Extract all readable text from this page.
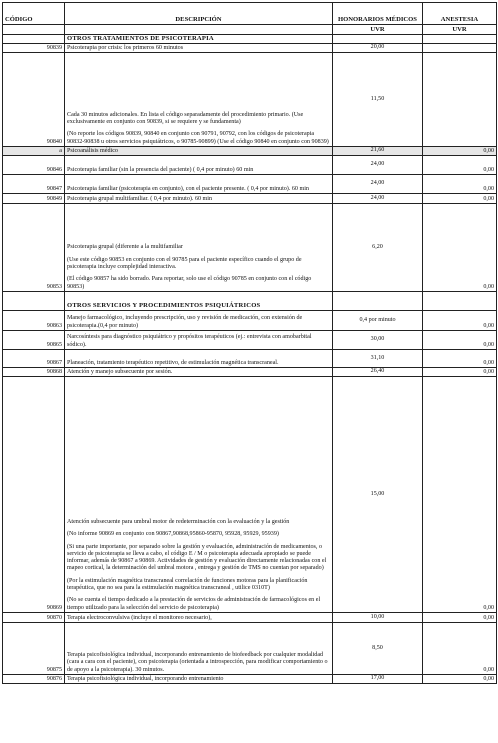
CÓDIGO	DESCRIPCIÓN	HONORARIOS MÉDICOS	ANESTESIA
		UVR	UVR
	OTROS TRATAMIENTOS DE PSICOTERAPIA		
90839	Psicoterapia por crisis: los primeros 60 minutos	20,00	
90840	Cada 30 minutos adicionales. En lista el código separadamente del procedimiento primario. (Use exclusivamente en conjunto con 90839, si se requiere y se fundamenta)
(No reporte los códigos 90839, 90840 en conjunto con 90791, 90792, con los códigos de psicoterapia 90832-90838 u otros servicios psiquiátricos, o 90785-90899) (Use el código 90840 en conjunto con 90839)	11,50	
a	Psicoanálisis médico	21,60	0,00
90846	Psicoterapia familiar (sin la presencia del paciente) ( 0,4 por minuto) 60 min	24,00	0,00
90847	Psicoterapia familiar (psicoterapia en conjunto), con el paciente presente. ( 0,4 por minuto). 60 min	24,00	0,00
90849	Psicoterapia grupal multifamiliar. ( 0,4 por minuto). 60 min	24,00	0,00
90853	Psicoterapia grupal (diferente a la multifamiliar
(Use este código 90853 en conjunto con el 90785 para el paciente específico cuando el grupo de psicoterapia incluye complejidad interactiva.
(El código 90857 ha sido borrado. Para reportar, solo use el código 90785 en conjunto con el código 90853)	6,20	0,00
	OTROS SERVICIOS Y PROCEDIMIENTOS PSIQUIÁTRICOS		
90863	Manejo farmacológico, incluyendo prescripción, uso y revisión de medicación, con extensión de psicoterapia.(0,4 por minuto)	0,4 por minuto	0,00
90865	Narcosíntesis para diagnóstico psiquiátrico y propósitos terapéuticos (ej.: entrevista con amobarbital sódico).	30,00	0,00
90867	Planeación, tratamiento terapéutico repetitivo, de estimulación magnética transcraneal.	31,10	0,00
90868	Atención y manejo subsecuente por sesión.	26,40	0,00
90869	Atención subsecuente para umbral motor de redeterminación con la evaluación y la gestión
(No informe 90869 en conjunto con 90867,90868,95860-95870, 95928, 95929, 95939)
(Si una parte importante, por separado sobre la gestión y evaluación, administración de medicamentos, o servicio de psicoterapia se lleva a cabo, el código E / M o psicoterapia adecuada apropiado se puede informar, además de 90867 a 90869. Actividades de gestión y evaluación directamente relacionadas con el mapeo cortical, la determinación del umbral motora , entrega y gestión de TMS no cuentan por separado)
(Por la estimulación magnética transcraneal correlación de funciones motoras para la planificación terapéutica, que no sea para la estimulación magnética transcraneal , utilice 0310T)
(No se cuenta el tiempo dedicado a la prestación de servicios de administración de farmacológicos en el tiempo utilizado para la selección del servicio de psicoterapia)	15,00	0,00
90870	Terapia electroconvulsiva (incluye el monitoreo necesario),	10,00	0,00
90875	Terapia psicofisiológica individual, incorporando entrenamiento de biofeedback por cualquier modalidad (cara a cara con el paciente), con psicoterapia (orientada a introspección, para modificar comportamiento o de apoyo a la psicoterapia). 30 minutos.	8,50	0,00
90876	Terapia psicofisiológica individual, incorporando entrenamiento	17,00	0,00
